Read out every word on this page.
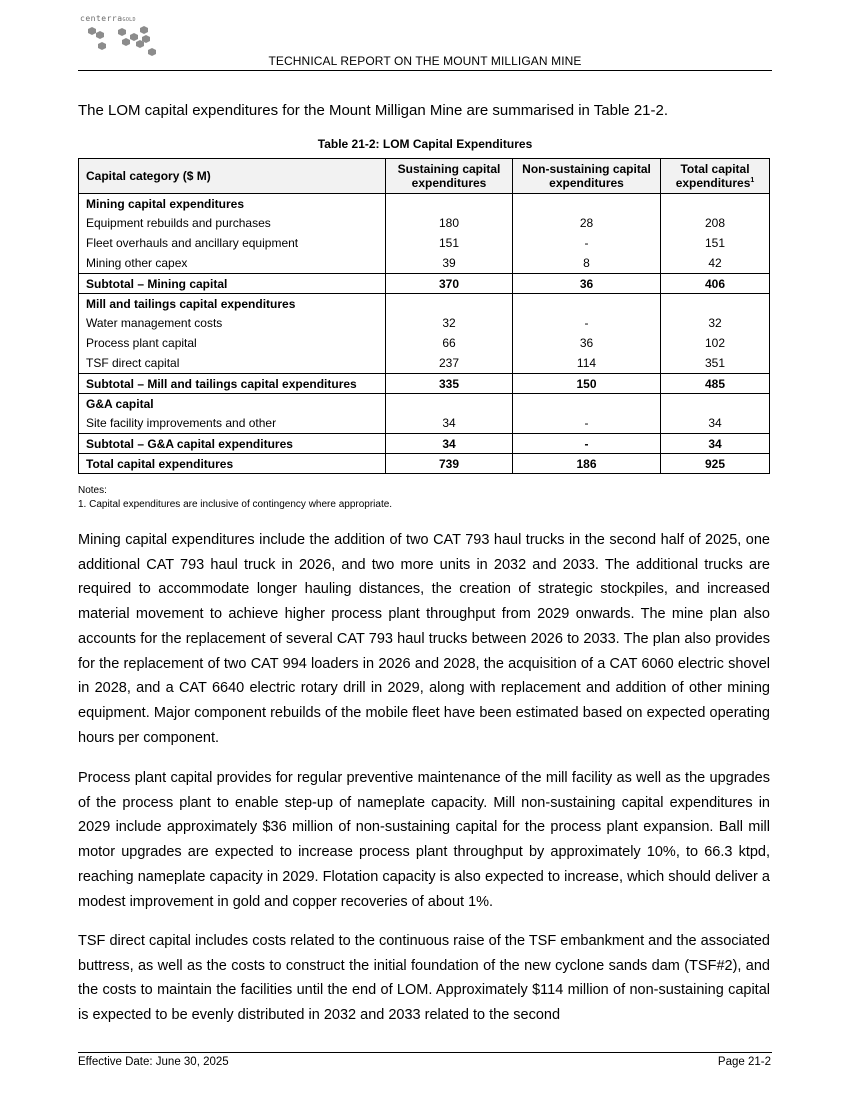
centerraGOLD
TECHNICAL REPORT ON THE MOUNT MILLIGAN MINE
The LOM capital expenditures for the Mount Milligan Mine are summarised in Table 21-2.
Table 21-2: LOM Capital Expenditures
Capital category ($ M)	Sustaining capital expenditures	Non-sustaining capital expenditures	Total capital expenditures$^1$
Mining capital expenditures			
Equipment rebuilds and purchases	180	28	208
Fleet overhauls and ancillary equipment	151	-	151
Mining other capex	39	8	42
Subtotal – Mining capital	370	36	406
Mill and tailings capital expenditures			
Water management costs	32	-	32
Process plant capital	66	36	102
TSF direct capital	237	114	351
Subtotal – Mill and tailings capital expenditures	335	150	485
G&A capital			
Site facility improvements and other	34	-	34
Subtotal – G&A capital expenditures	34	-	34
Total capital expenditures	739	186	925
Notes:
1. Capital expenditures are inclusive of contingency where appropriate.

Mining capital expenditures include the addition of two CAT 793 haul trucks in the second half of 2025, one additional CAT 793 haul truck in 2026, and two more units in 2032 and 2033. The additional trucks are required to accommodate longer hauling distances, the creation of strategic stockpiles, and increased material movement to achieve higher process plant throughput from 2029 onwards. The mine plan also accounts for the replacement of several CAT 793 haul trucks between 2026 to 2033. The plan also provides for the replacement of two CAT 994 loaders in 2026 and 2028, the acquisition of a CAT 6060 electric shovel in 2028, and a CAT 6640 electric rotary drill in 2029, along with replacement and addition of other mining equipment. Major component rebuilds of the mobile fleet have been estimated based on expected operating hours per component.

Process plant capital provides for regular preventive maintenance of the mill facility as well as the upgrades of the process plant to enable step-up of nameplate capacity. Mill non-sustaining capital expenditures in 2029 include approximately $36 million of non-sustaining capital for the process plant expansion. Ball mill motor upgrades are expected to increase process plant throughput by approximately 10%, to 66.3 ktpd, reaching nameplate capacity in 2029. Flotation capacity is also expected to increase, which should deliver a modest improvement in gold and copper recoveries of about 1%.

TSF direct capital includes costs related to the continuous raise of the TSF embankment and the associated buttress, as well as the costs to construct the initial foundation of the new cyclone sands dam (TSF#2), and the costs to maintain the facilities until the end of LOM. Approximately $114 million of non-sustaining capital is expected to be evenly distributed in 2032 and 2033 related to the second

Effective Date: June 30, 2025	Page 21-2
